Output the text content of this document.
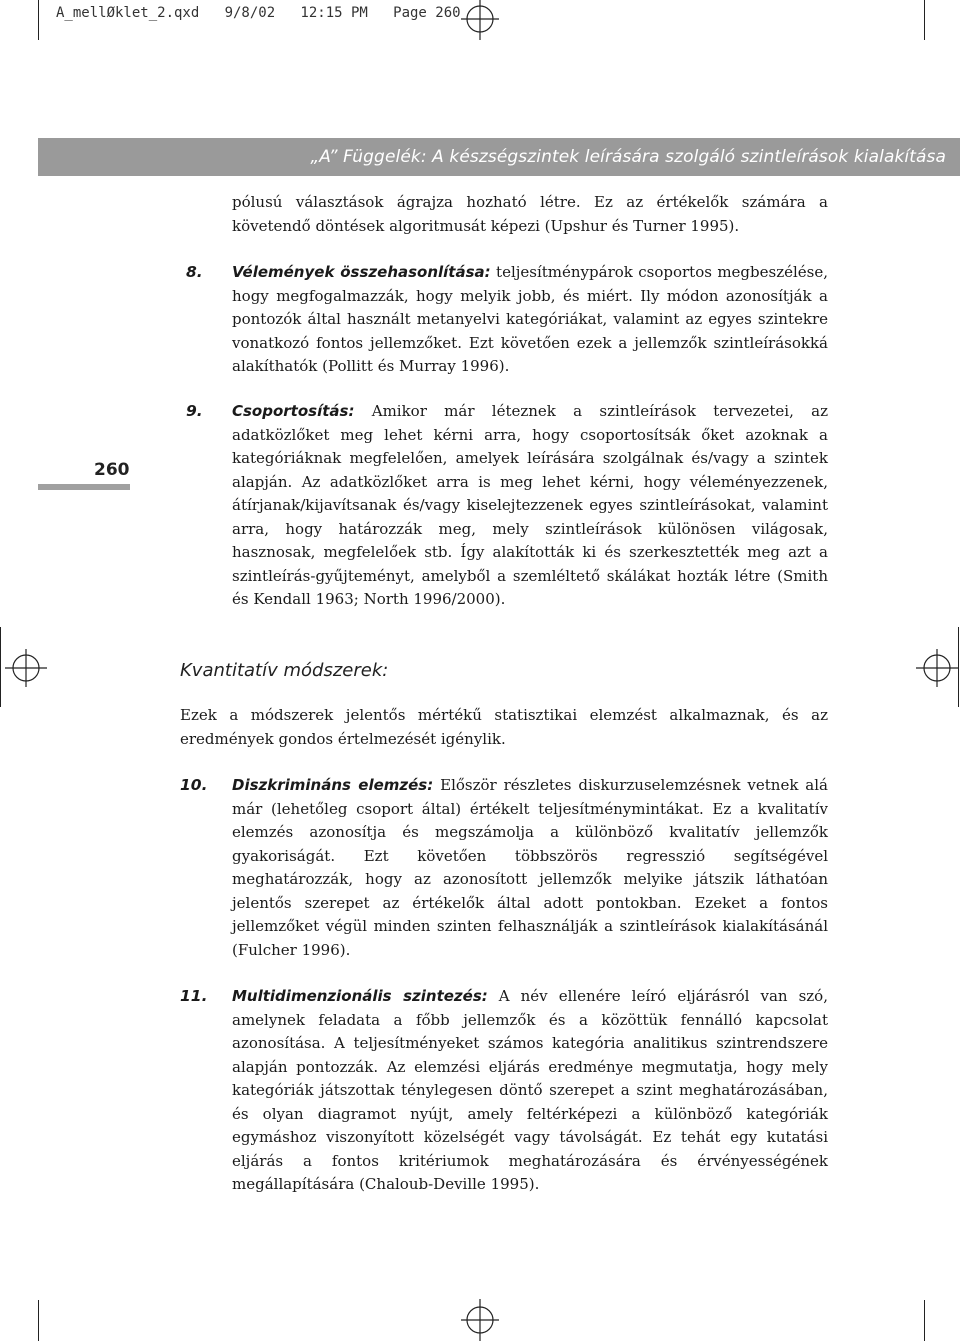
A_mellØklet_2.qxd   9/8/02   12:15 PM   Page 260
„A” Függelék: A készségszintek leírására szolgáló szintleírások kialakítása
pólusú választások ágrajza hozható létre. Ez az értékelők számára a követendő döntések algoritmusát képezi (Upshur és Turner 1995).
8. Vélemények összehasonlítása: teljesítménypárok csoportos megbeszélése, hogy megfogalmazzák, hogy melyik jobb, és miért. Ily módon azonosítják a pontozók által használt metanyelvi kategóriákat, valamint az egyes szintekre vonatkozó fontos jellemzőket. Ezt követően ezek a jellemzők szintleírásokká alakíthatók (Pollitt és Murray 1996).
260
9. Csoportosítás: Amikor már léteznek a szintleírások tervezetei, az adatközlőket meg lehet kérni arra, hogy csoportosítsák őket azoknak a kategóriáknak megfelelően, amelyek leírására szolgálnak és/vagy a szintek alapján. Az adatközlőket arra is meg lehet kérni, hogy véleményezzenek, átírjanak/kijavítsanak és/vagy kiselejtezzenek egyes szintleírásokat, valamint arra, hogy határozzák meg, mely szintleírások különösen világosak, hasznosak, megfelelőek stb. Így alakították ki és szerkesztették meg azt a szintleírás-gyűjteményt, amelyből a szemléltető skálákat hozták létre (Smith és Kendall 1963; North 1996/2000).
Kvantitatív módszerek:
Ezek a módszerek jelentős mértékű statisztikai elemzést alkalmaznak, és az eredmények gondos értelmezését igénylik.
10. Diszkrimináns elemzés: Először részletes diskurzuselemzésnek vetnek alá már (lehetőleg csoport által) értékelt teljesítménymintákat. Ez a kvalitatív elemzés azonosítja és megszámolja a különböző kvalitatív jellemzők gyakoriságát. Ezt követően többszörös regresszió segítségével meghatározzák, hogy az azonosított jellemzők melyike játszik láthatóan jelentős szerepet az értékelők által adott pontokban. Ezeket a fontos jellemzőket végül minden szinten felhasználják a szintleírások kialakításánál (Fulcher 1996).
11. Multidimenzionális szintezés: A név ellenére leíró eljárásról van szó, amelynek feladata a főbb jellemzők és a közöttük fennálló kapcsolat azonosítása. A teljesítményeket számos kategória analitikus szintrendszere alapján pontozzák. Az elemzési eljárás eredménye megmutatja, hogy mely kategóriák játszottak ténylegesen döntő szerepet a szint meghatározásában, és olyan diagramot nyújt, amely feltérképezi a különböző kategóriák egymáshoz viszonyított közelségét vagy távolságát. Ez tehát egy kutatási eljárás a fontos kritériumok meghatározására és érvényességének megállapítására (Chaloub-Deville 1995).
